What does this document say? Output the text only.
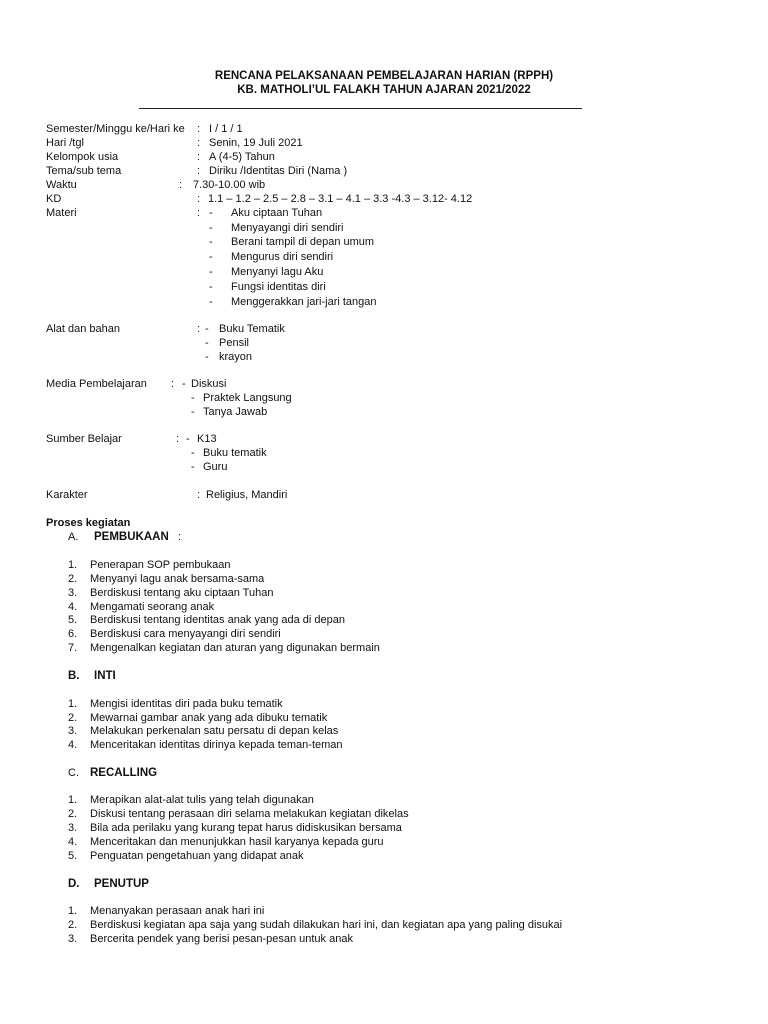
RENCANA PELAKSANAAN PEMBELAJARAN HARIAN (RPPH)
KB. MATHOLI’UL FALAKH TAHUN AJARAN 2021/2022
Semester/Minggu ke/Hari ke : I / 1 / 1
Hari /tgl	: Senin, 19 Juli 2021
Kelompok usia	: A (4-5) Tahun
Tema/sub tema	: Diriku /Identitas Diri (Nama )
Waktu	: 7.30-10.00 wib
KD	: 1.1 – 1.2 – 2.5 – 2.8 – 3.1 – 4.1 – 3.3 -4.3 – 3.12- 4.12
Materi	: - Aku ciptaan Tuhan
- Menyayangi diri sendiri
- Berani tampil di depan umum
- Mengurus diri sendiri
- Menyanyi lagu Aku
- Fungsi identitas diri
- Menggerakkan jari-jari tangan
Alat dan bahan	: - Buku Tematik
- Pensil
- krayon
Media Pembelajaran : - Diskusi
- Praktek Langsung
- Tanya Jawab
Sumber Belajar	: - K13
- Buku tematik
- Guru
Karakter	: Religius, Mandiri
Proses kegiatan
A. PEMBUKAAN :
1. Penerapan SOP pembukaan
2. Menyanyi lagu anak bersama-sama
3. Berdiskusi tentang aku ciptaan Tuhan
4. Mengamati seorang anak
5. Berdiskusi tentang identitas anak yang ada di depan
6. Berdiskusi cara menyayangi diri sendiri
7. Mengenalkan kegiatan dan aturan yang digunakan bermain
B. INTI
1. Mengisi identitas diri pada buku tematik
2. Mewarnai gambar anak yang ada dibuku tematik
3. Melakukan perkenalan satu persatu di depan kelas
4. Menceritakan identitas dirinya kepada teman-teman
C. RECALLING
1. Merapikan alat-alat tulis yang telah digunakan
2. Diskusi tentang perasaan diri selama melakukan kegiatan dikelas
3. Bila ada perilaku yang kurang tepat harus didiskusikan bersama
4. Menceritakan dan menunjukkan hasil karyanya kepada guru
5. Penguatan pengetahuan yang didapat anak
D. PENUTUP
1. Menanyakan perasaan anak hari ini
2. Berdiskusi kegiatan apa saja yang sudah dilakukan hari ini, dan kegiatan apa yang paling disukai
3. Bercerita pendek yang berisi pesan-pesan untuk anak
